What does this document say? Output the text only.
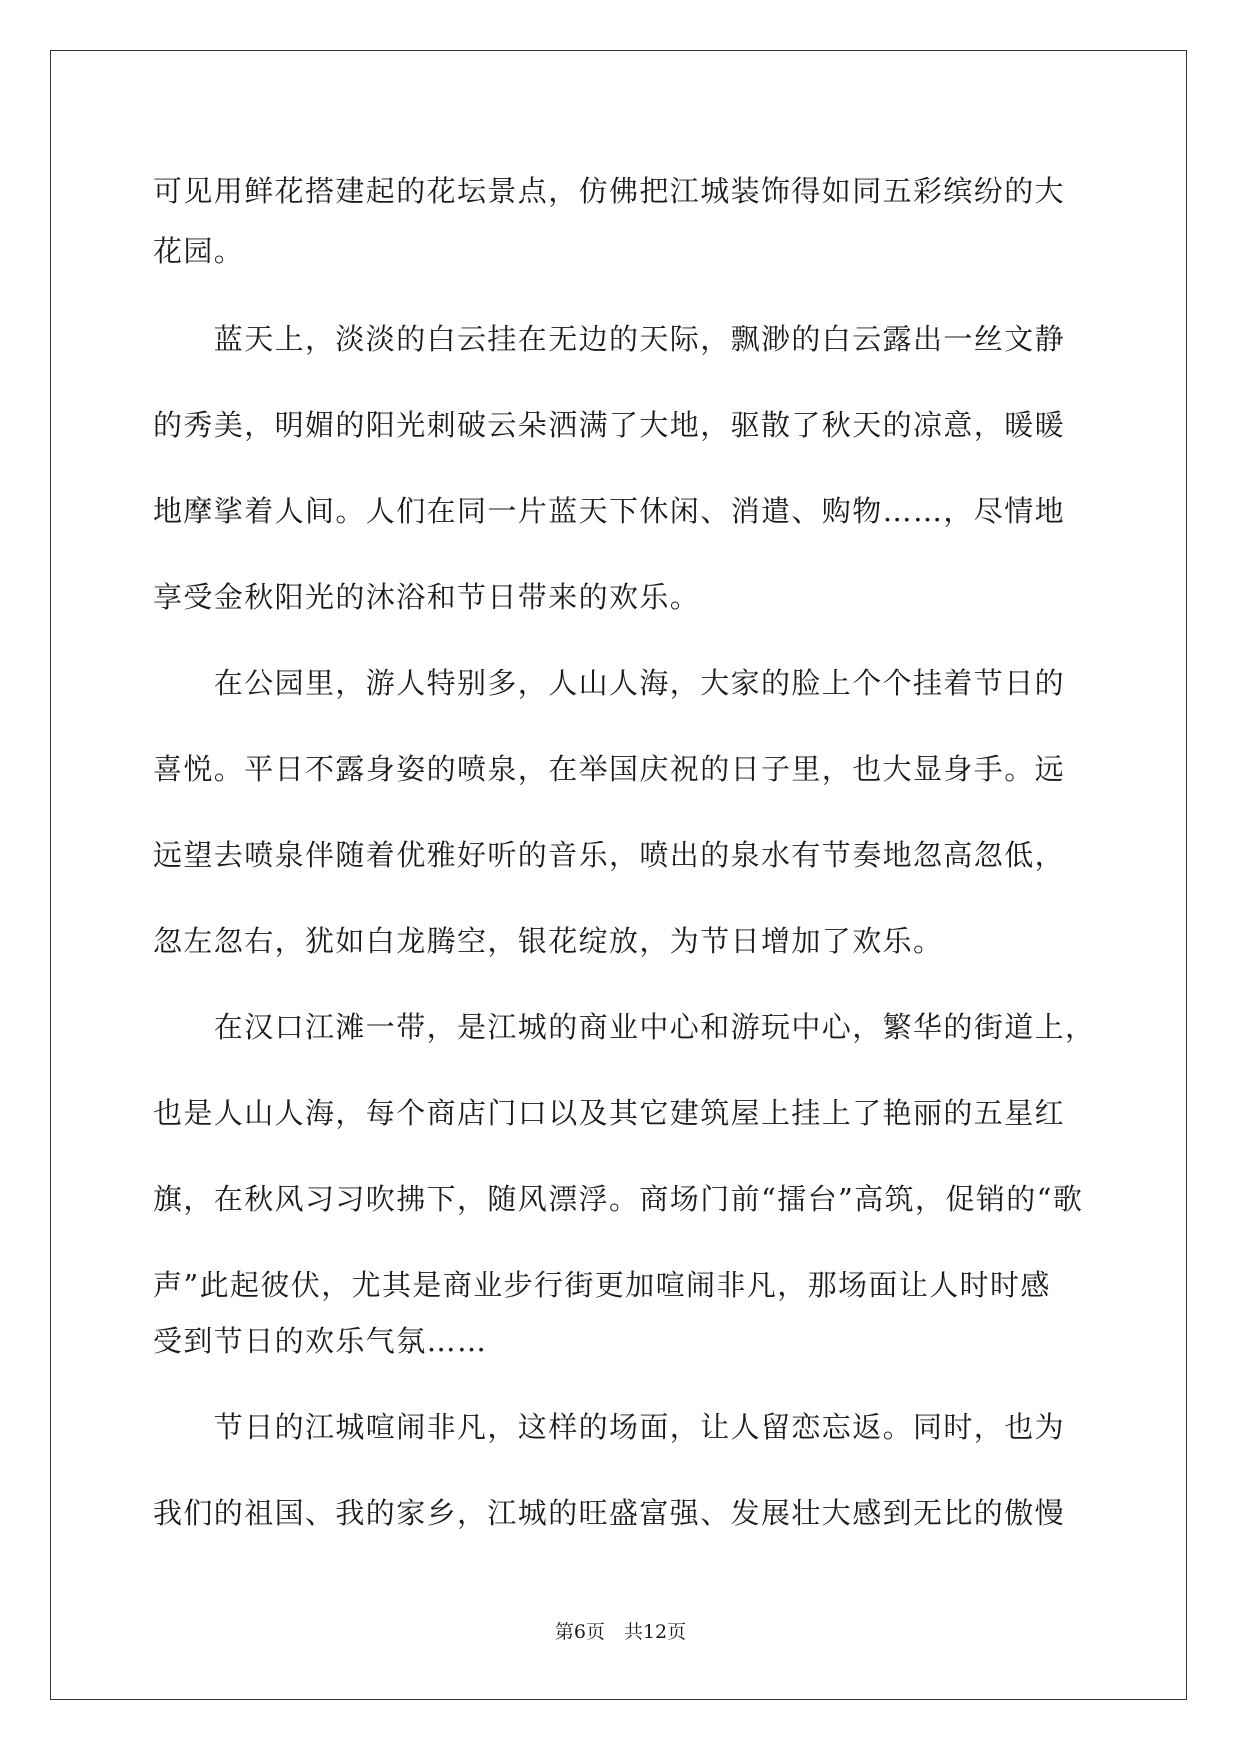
可见用鲜花搭建起的花坛景点，仿佛把江城装饰得如同五彩缤纷的大
花园。
　　蓝天上，淡淡的白云挂在无边的天际，飘渺的白云露出一丝文静
的秀美，明媚的阳光刺破云朵洒满了大地，驱散了秋天的凉意，暖暖
地摩挲着人间。人们在同一片蓝天下休闲、消遣、购物……，尽情地
享受金秋阳光的沐浴和节日带来的欢乐。
　　在公园里，游人特别多，人山人海，大家的脸上个个挂着节日的
喜悦。平日不露身姿的喷泉，在举国庆祝的日子里，也大显身手。远
远望去喷泉伴随着优雅好听的音乐，喷出的泉水有节奏地忽高忽低，
忽左忽右，犹如白龙腾空，银花绽放，为节日增加了欢乐。
　　在汉口江滩一带，是江城的商业中心和游玩中心，繁华的街道上，
也是人山人海，每个商店门口以及其它建筑屋上挂上了艳丽的五星红
旗，在秋风习习吹拂下，随风漂浮。商场门前“擂台”高筑，促销的“歌
声”此起彼伏，尤其是商业步行街更加喧闹非凡，那场面让人时时感
受到节日的欢乐气氛……
　　节日的江城喧闹非凡，这样的场面，让人留恋忘返。同时，也为
我们的祖国、我的家乡，江城的旺盛富强、发展壮大感到无比的傲慢
第6页　共12页
